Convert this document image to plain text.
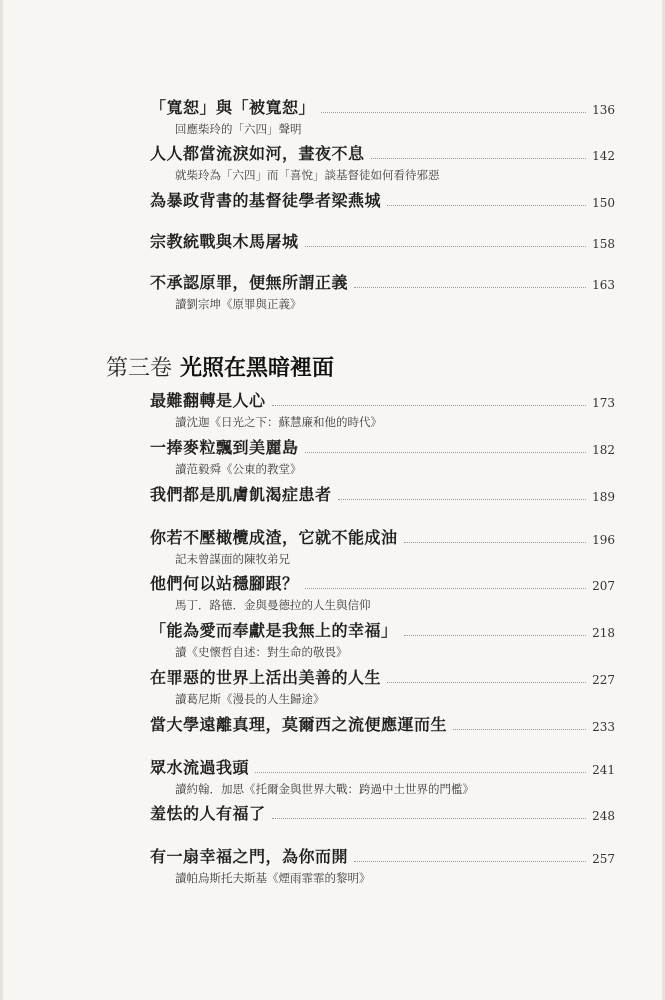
「寬恕」與「被寬恕」	136
回應柴玲的「六四」聲明
人人都當流淚如河，晝夜不息	142
就柴玲為「六四」而「喜悅」談基督徒如何看待邪惡
為暴政背書的基督徒學者梁燕城	150
宗教統戰與木馬屠城	158
不承認原罪，便無所謂正義	163
讀劉宗坤《原罪與正義》
第三卷 光照在黑暗裡面
最難翻轉是人心	173
讀沈迦《日光之下：蘇慧廉和他的時代》
一捧麥粒飄到美麗島	182
讀范毅舜《公東的教堂》
我們都是肌膚飢渴症患者	189
你若不壓橄欖成渣，它就不能成油	196
記未曾謀面的陳牧弟兄
他們何以站穩腳跟？	207
馬丁．路德．金與曼德拉的人生與信仰
「能為愛而奉獻是我無上的幸福」	218
讀《史懷哲自述：對生命的敬畏》
在罪惡的世界上活出美善的人生	227
讀葛尼斯《漫長的人生歸途》
當大學遠離真理，莫爾西之流便應運而生	233
眾水流過我頭	241
讀約翰．加思《托爾金與世界大戰：跨過中土世界的門檻》
羞怯的人有福了	248
有一扇幸福之門，為你而開	257
讀帕烏斯托夫斯基《煙雨霏霏的黎明》
